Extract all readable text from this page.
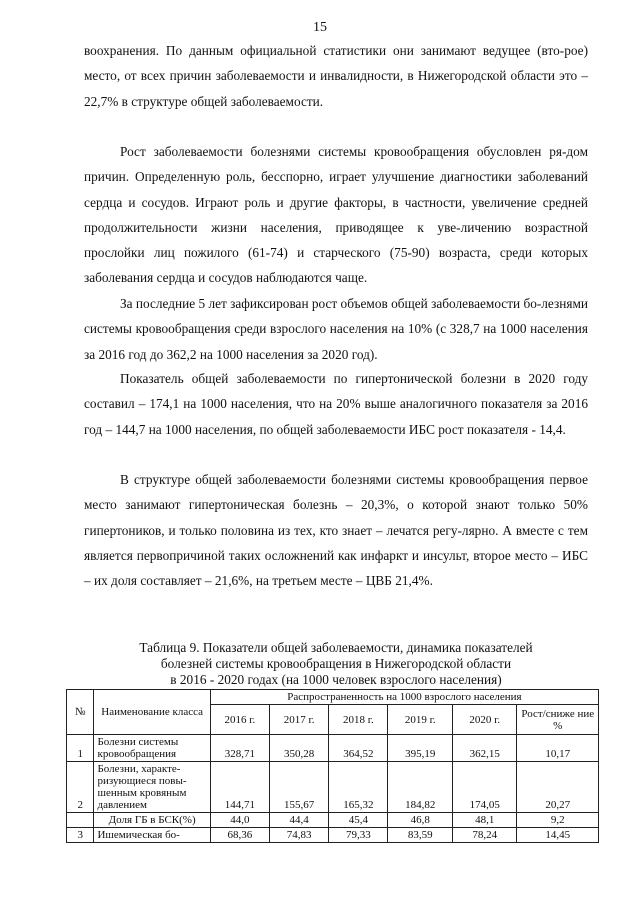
15

воохранения. По данным официальной статистики они занимают ведущее (вто-рое) место, от всех причин заболеваемости и инвалидности, в Нижегородской области это – 22,7% в структуре общей заболеваемости.

Рост заболеваемости болезнями системы кровообращения обусловлен ря-дом причин. Определенную роль, бесспорно, играет улучшение диагностики заболеваний сердца и сосудов. Играют роль и другие факторы, в частности, увеличение средней продолжительности жизни населения, приводящее к уве-личению возрастной прослойки лиц пожилого (61-74) и старческого (75-90) возраста, среди которых заболевания сердца и сосудов наблюдаются чаще.

За последние 5 лет зафиксирован рост объемов общей заболеваемости бо-лезнями системы кровообращения среди взрослого населения на 10% (с 328,7 на 1000 населения за 2016 год до 362,2 на 1000 населения за 2020 год).

Показатель общей заболеваемости по гипертонической болезни в 2020 году составил – 174,1 на 1000 населения, что на 20% выше аналогичного показателя за 2016 год – 144,7 на 1000 населения, по общей заболеваемости ИБС рост показателя - 14,4.

В структуре общей заболеваемости болезнями системы кровообращения первое место занимают гипертоническая болезнь – 20,3%, о которой знают только 50% гипертоников, и только половина из тех, кто знает – лечатся регу-лярно. А вместе с тем является первопричиной таких осложнений как инфаркт и инсульт, второе место – ИБС – их доля составляет – 21,6%, на третьем месте – ЦВБ 21,4%.

Таблица 9. Показатели общей заболеваемости, динамика показателей
болезней системы кровообращения в Нижегородской области
в 2016 - 2020 годах (на 1000 человек взрослого населения)
№	Наименование класса	Распространенность на 1000 взрослого населения					
		2016 г.	2017 г.	2018 г.	2019 г.	2020 г.	Рост/сниже ние %
1	Болезни системы кровообращения	328,71	350,28	364,52	395,19	362,15	10,17
2	Болезни, характе-ризующиеся повы-шенным кровяным давлением	144,71	155,67	165,32	184,82	174,05	20,27
	Доля ГБ в БСК(%)	44,0	44,4	45,4	46,8	48,1	9,2
3	Ишемическая бо-	68,36	74,83	79,33	83,59	78,24	14,45
